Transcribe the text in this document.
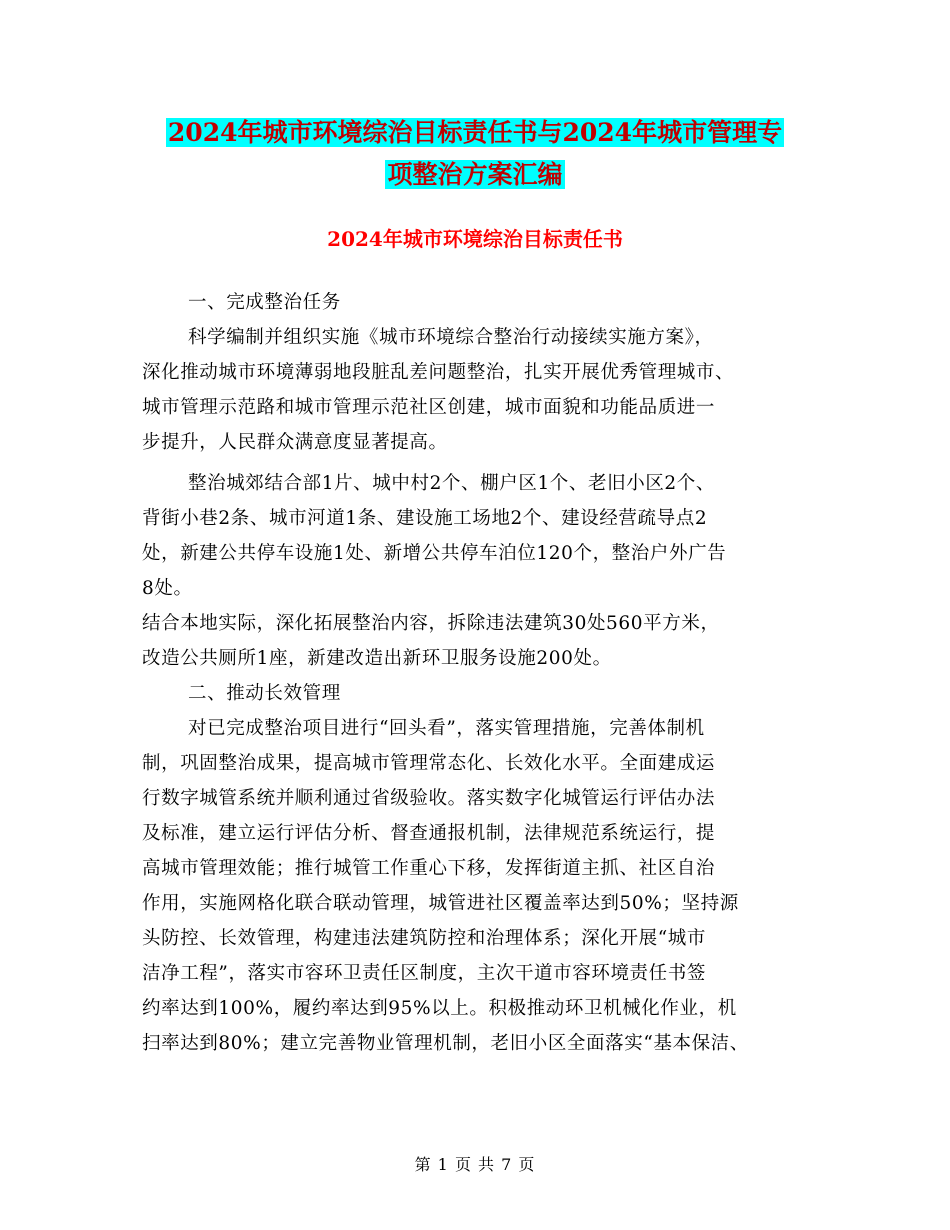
2024年城市环境综治目标责任书与2024年城市管理专
项整治方案汇编
2024年城市环境综治目标责任书
一、完成整治任务
科学编制并组织实施《城市环境综合整治行动接续实施方案》，
深化推动城市环境薄弱地段脏乱差问题整治，扎实开展优秀管理城市、
城市管理示范路和城市管理示范社区创建，城市面貌和功能品质进一
步提升，人民群众满意度显著提高。
整治城郊结合部1片、城中村2个、棚户区1个、老旧小区2个、
背街小巷2条、城市河道1条、建设施工场地2个、建设经营疏导点2
处，新建公共停车设施1处、新增公共停车泊位120个，整治户外广告
8处。
结合本地实际，深化拓展整治内容，拆除违法建筑30处560平方米，
改造公共厕所1座，新建改造出新环卫服务设施200处。
二、推动长效管理
对已完成整治项目进行“回头看”，落实管理措施，完善体制机
制，巩固整治成果，提高城市管理常态化、长效化水平。全面建成运
行数字城管系统并顺利通过省级验收。落实数字化城管运行评估办法
及标准，建立运行评估分析、督查通报机制，法律规范系统运行，提
高城市管理效能；推行城管工作重心下移，发挥街道主抓、社区自治
作用，实施网格化联合联动管理，城管进社区覆盖率达到50%；坚持源
头防控、长效管理，构建违法建筑防控和治理体系；深化开展“城市
洁净工程”，落实市容环卫责任区制度，主次干道市容环境责任书签
约率达到100%，履约率达到95%以上。积极推动环卫机械化作业，机
扫率达到80%；建立完善物业管理机制，老旧小区全面落实“基本保洁、
第 1 页 共 7 页
